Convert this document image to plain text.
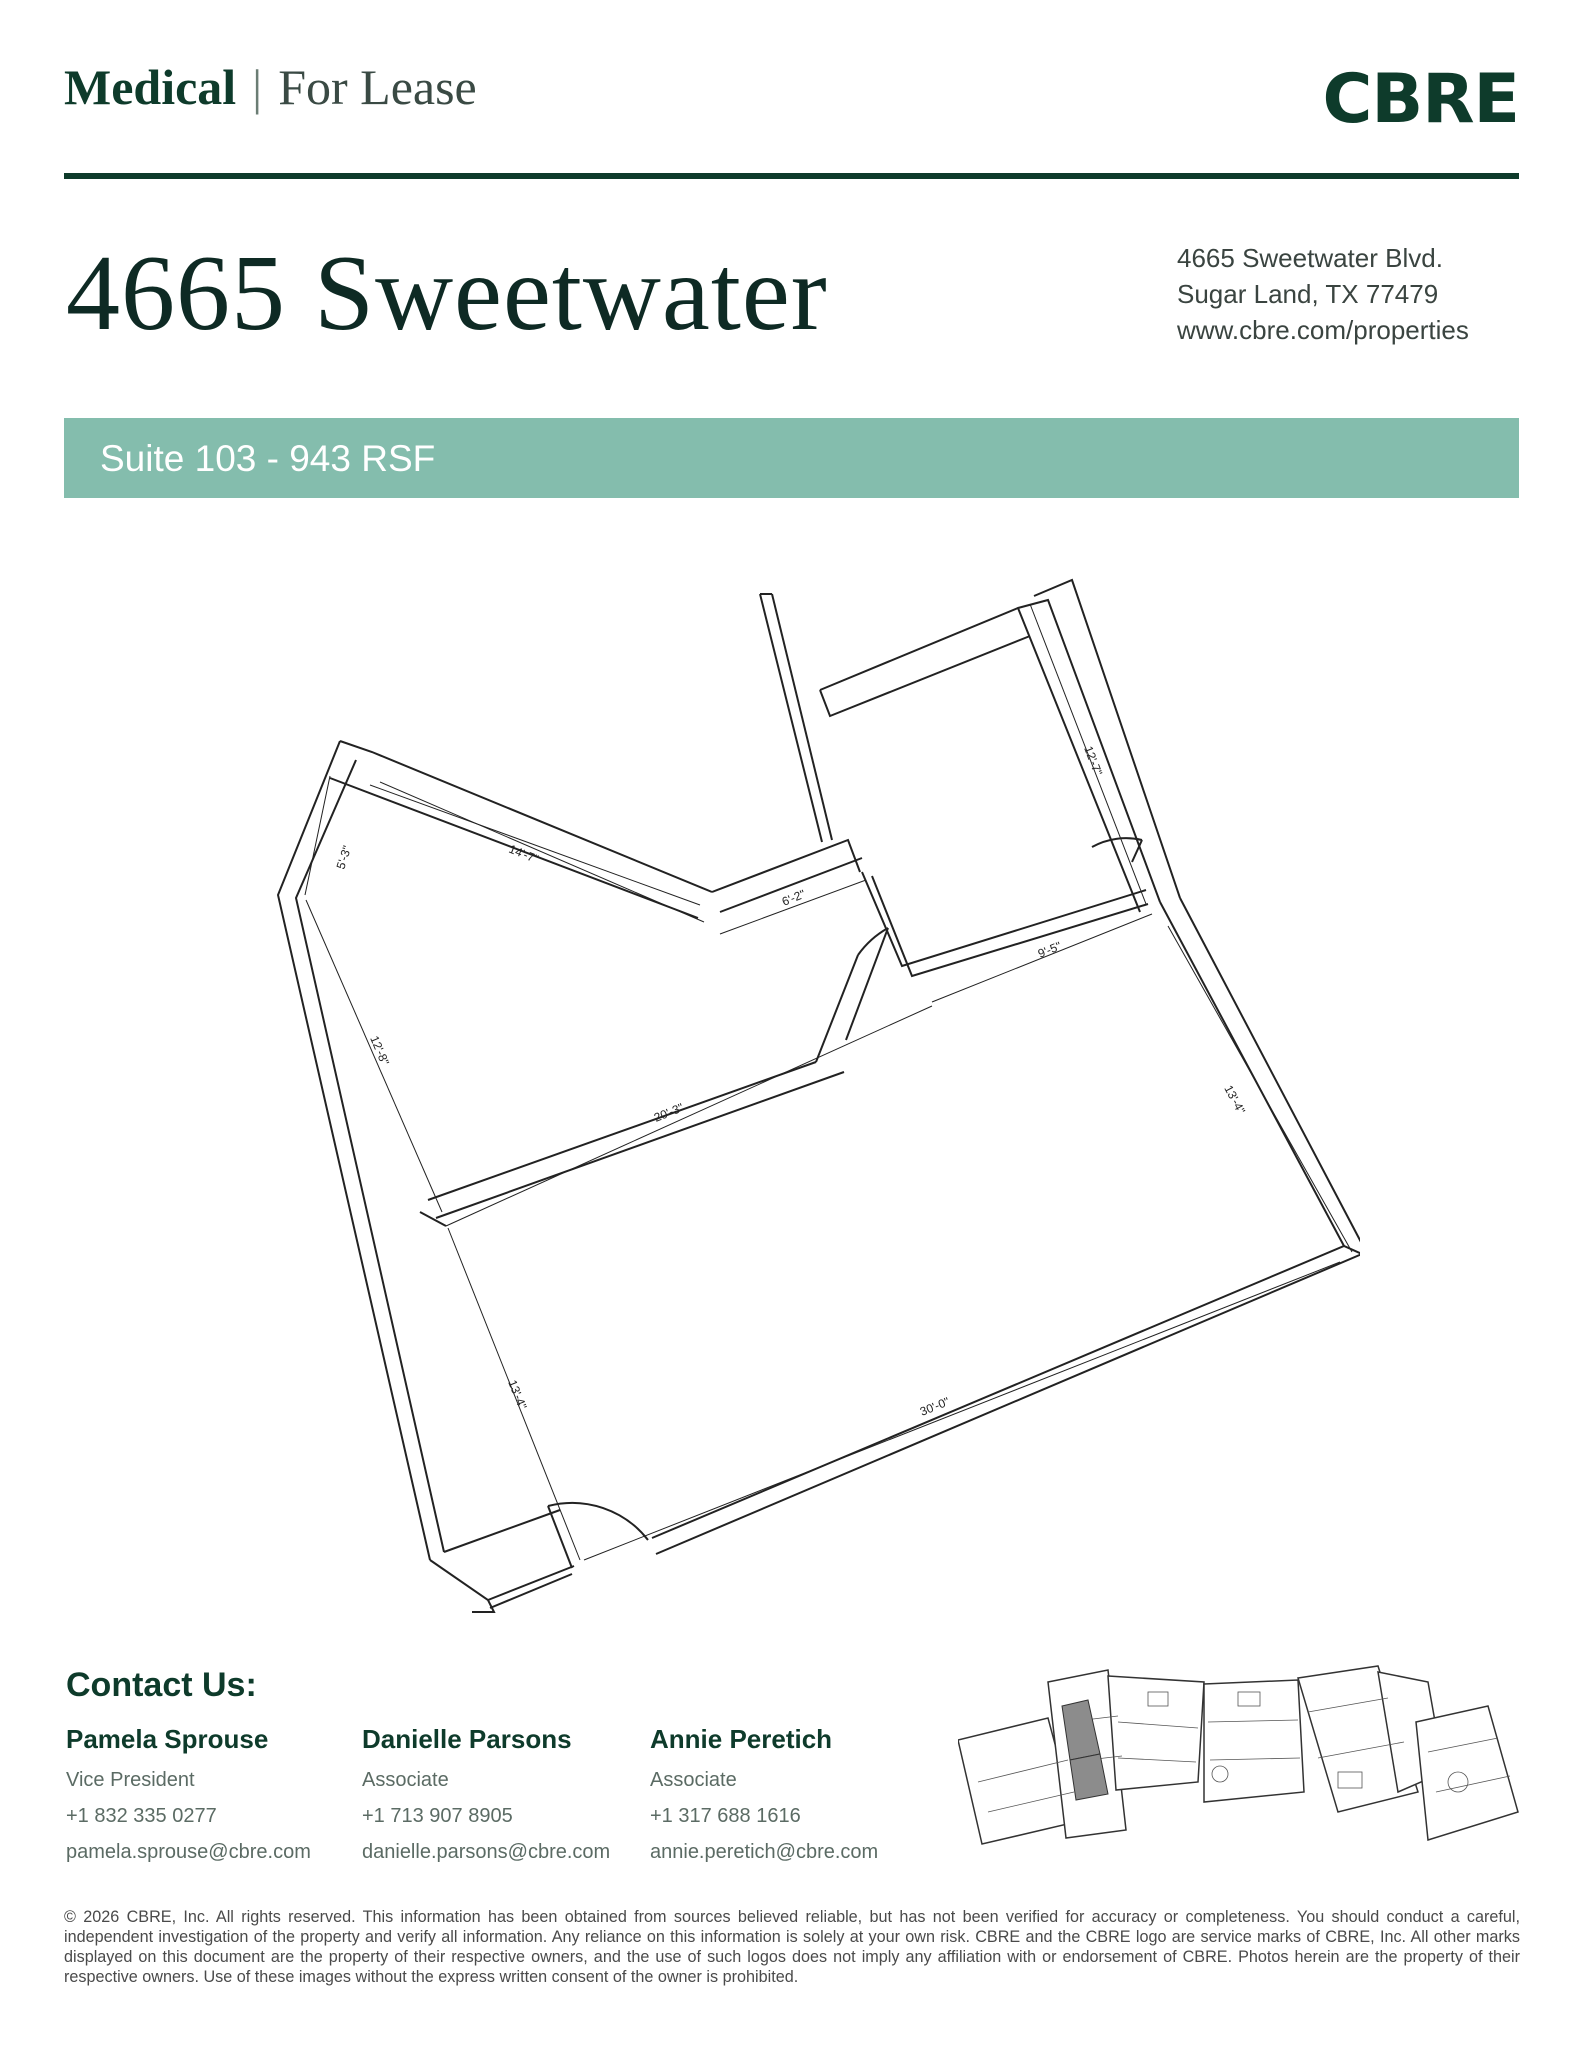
Medical | For Lease	CBRE
4665 Sweetwater	4665 Sweetwater Blvd.
Sugar Land, TX 77479
www.cbre.com/properties
Suite 103 - 943 RSF
5'-3"	14'-7"
6'-2"
12'-7"
9'-5"
12'-8"
20'-3"	13'-4"
13'-4"	30'-0"
Contact Us:
Pamela Sprouse
Vice President
+1 832 335 0277
pamela.sprouse@cbre.com
Danielle Parsons
Associate
+1 713 907 8905
danielle.parsons@cbre.com
Annie Peretich
Associate
+1 317 688 1616
annie.peretich@cbre.com
© 2026 CBRE, Inc. All rights reserved. This information has been obtained from sources believed reliable, but has not been verified for accuracy or completeness. You should conduct a careful, independent investigation of the property and verify all information. Any reliance on this information is solely at your own risk. CBRE and the CBRE logo are service marks of CBRE, Inc. All other marks displayed on this document are the property of their respective owners, and the use of such logos does not imply any affiliation with or endorsement of CBRE. Photos herein are the property of their respective owners. Use of these images without the express written consent of the owner is prohibited.
